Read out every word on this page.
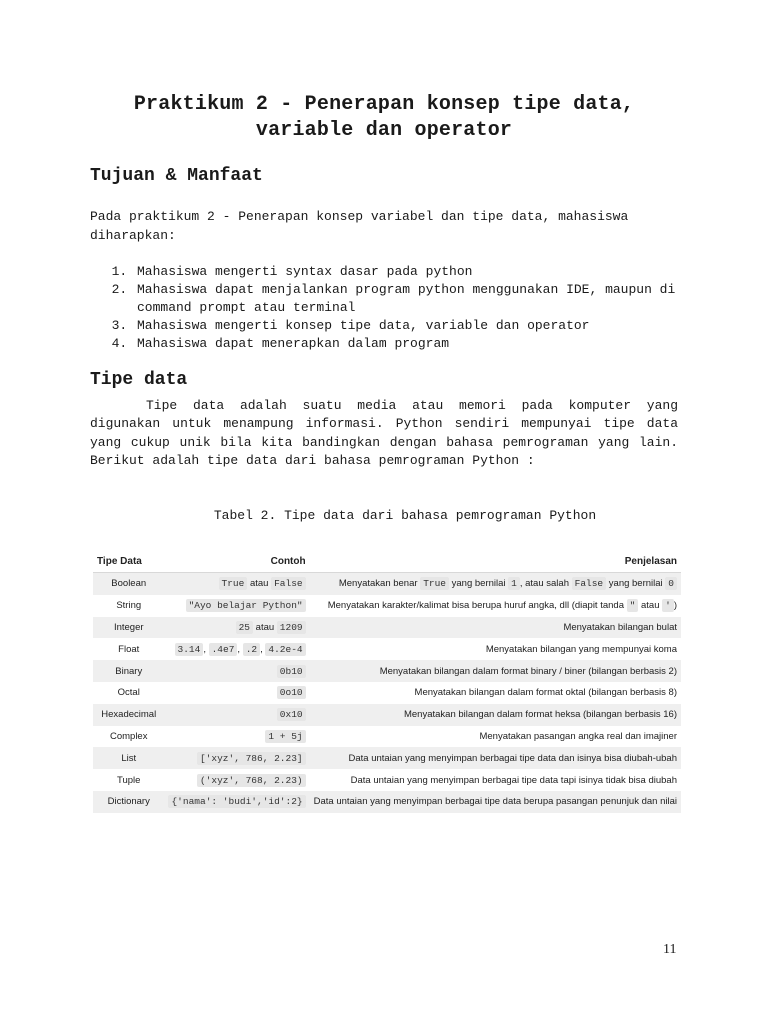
Praktikum 2 - Penerapan konsep tipe data,
variable dan operator
Tujuan & Manfaat

Pada praktikum 2 - Penerapan konsep variabel dan tipe data, mahasiswa diharapkan:

1. Mahasiswa mengerti syntax dasar pada python
2. Mahasiswa dapat menjalankan program python menggunakan IDE, maupun di command prompt atau terminal
3. Mahasiswa mengerti konsep tipe data, variable dan operator
4. Mahasiswa dapat menerapkan dalam program
Tipe data

Tipe data adalah suatu media atau memori pada komputer yang digunakan untuk menampung informasi. Python sendiri mempunyai tipe data yang cukup unik bila kita bandingkan dengan bahasa pemrograman yang lain. Berikut adalah tipe data dari bahasa pemrograman Python :

Tabel 2. Tipe data dari bahasa pemrograman Python
Tipe Data	Contoh	Penjelasan
Boolean	True atau False	Menyatakan benar True yang bernilai 1 , atau salah False yang bernilai 0
String	"Ayo belajar Python"	Menyatakan karakter/kalimat bisa berupa huruf angka, dll (diapit tanda " atau ' )
Integer	25 atau 1209	Menyatakan bilangan bulat
Float	3.14 , .4e7 , .2 , 4.2e-4	Menyatakan bilangan yang mempunyai koma
Binary	0b10	Menyatakan bilangan dalam format binary / biner (bilangan berbasis 2)
Octal	0o10	Menyatakan bilangan dalam format oktal (bilangan berbasis 8)
Hexadecimal	0x10	Menyatakan bilangan dalam format heksa (bilangan berbasis 16)
Complex	1 + 5j	Menyatakan pasangan angka real dan imajiner
List	['xyz', 786, 2.23]	Data untaian yang menyimpan berbagai tipe data dan isinya bisa diubah-ubah
Tuple	('xyz', 768, 2.23)	Data untaian yang menyimpan berbagai tipe data tapi isinya tidak bisa diubah
Dictionary	{'nama': 'budi','id':2}	Data untaian yang menyimpan berbagai tipe data berupa pasangan penunjuk dan nilai
11
